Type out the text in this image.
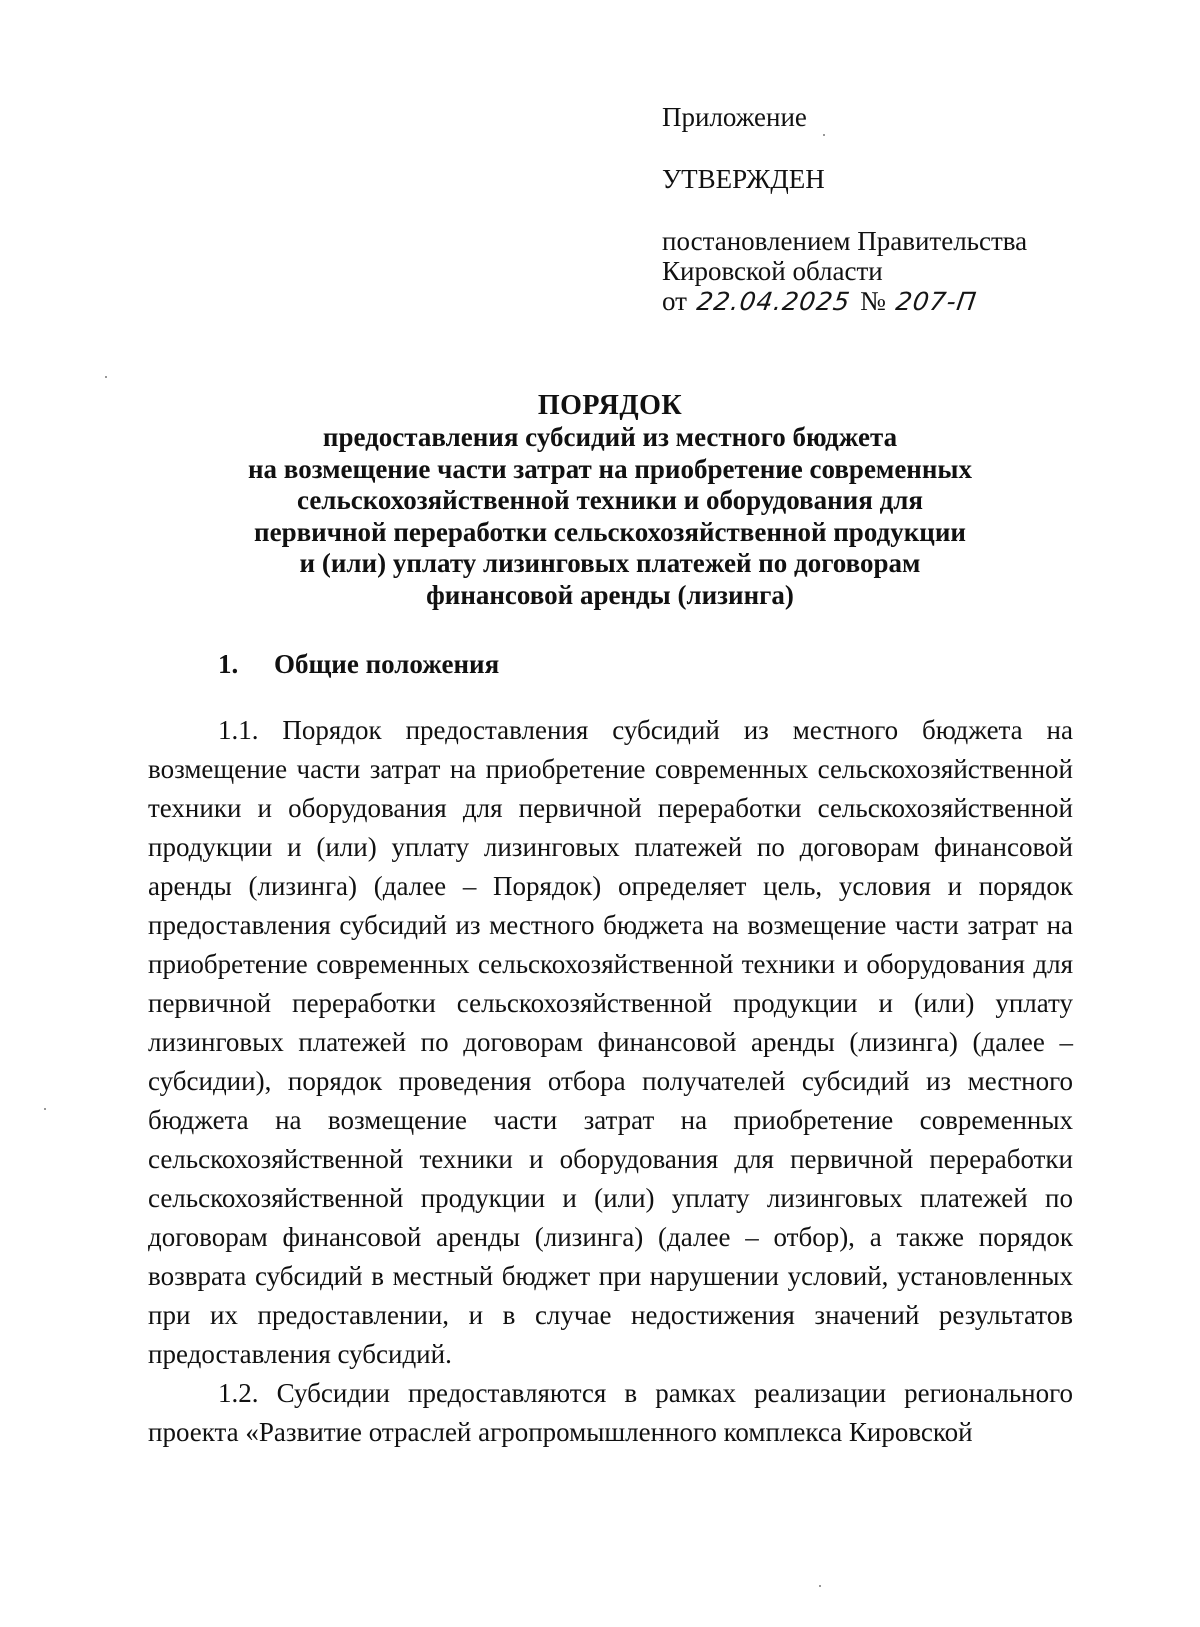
Приложение
УТВЕРЖДЕН
постановлением Правительства
Кировской области
от 22.04.2025 № 207-П
ПОРЯДОК
предоставления субсидий из местного бюджета
на возмещение части затрат на приобретение современных
сельскохозяйственной техники и оборудования для
первичной переработки сельскохозяйственной продукции
и (или) уплату лизинговых платежей по договорам
финансовой аренды (лизинга)
1. Общие положения

1.1. Порядок предоставления субсидий из местного бюджета на возмещение части затрат на приобретение современных сельскохозяйственной техники и оборудования для первичной переработки сельскохозяйственной продукции и (или) уплату лизинговых платежей по договорам финансовой аренды (лизинга) (далее – Порядок) определяет цель, условия и порядок предоставления субсидий из местного бюджета на возмещение части затрат на приобретение современных сельскохозяйственной техники и оборудования для первичной переработки сельскохозяйственной продукции и (или) уплату лизинговых платежей по договорам финансовой аренды (лизинга) (далее – субсидии), порядок проведения отбора получателей субсидий из местного бюджета на возмещение части затрат на приобретение современных сельскохозяйственной техники и оборудования для первичной переработки сельскохозяйственной продукции и (или) уплату лизинговых платежей по договорам финансовой аренды (лизинга) (далее – отбор), а также порядок возврата субсидий в местный бюджет при нарушении условий, установленных при их предоставлении, и в случае недостижения значений результатов предоставления субсидий.

1.2. Субсидии предоставляются в рамках реализации регионального проекта «Развитие отраслей агропромышленного комплекса Кировской
